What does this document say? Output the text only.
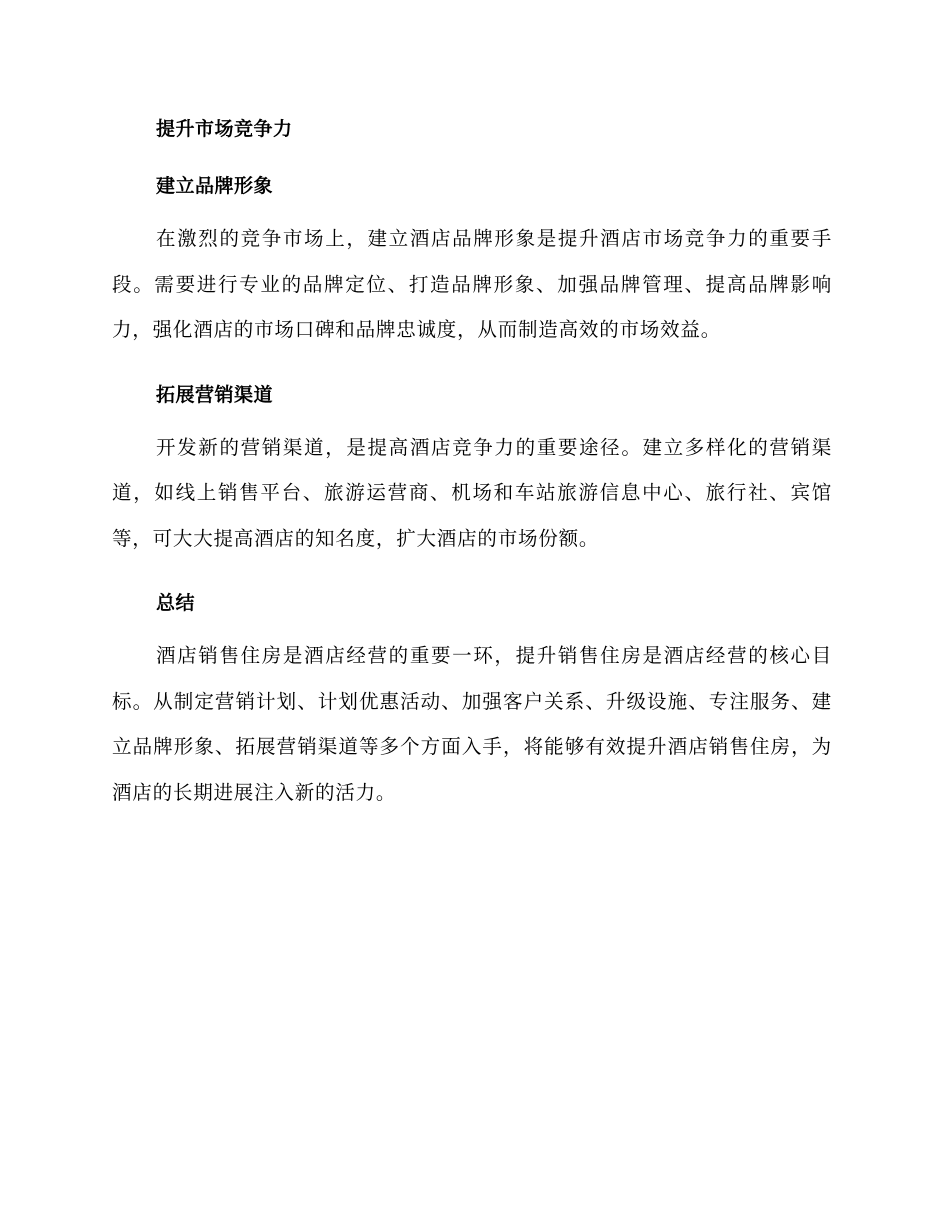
提升市场竞争力
建立品牌形象

在激烈的竞争市场上，建立酒店品牌形象是提升酒店市场竞争力的重要手段。需要进行专业的品牌定位、打造品牌形象、加强品牌管理、提高品牌影响力，强化酒店的市场口碑和品牌忠诚度，从而制造高效的市场效益。

拓展营销渠道

开发新的营销渠道，是提高酒店竞争力的重要途径。建立多样化的营销渠道，如线上销售平台、旅游运营商、机场和车站旅游信息中心、旅行社、宾馆等，可大大提高酒店的知名度，扩大酒店的市场份额。

总结

酒店销售住房是酒店经营的重要一环，提升销售住房是酒店经营的核心目标。从制定营销计划、计划优惠活动、加强客户关系、升级设施、专注服务、建立品牌形象、拓展营销渠道等多个方面入手，将能够有效提升酒店销售住房，为酒店的长期进展注入新的活力。
